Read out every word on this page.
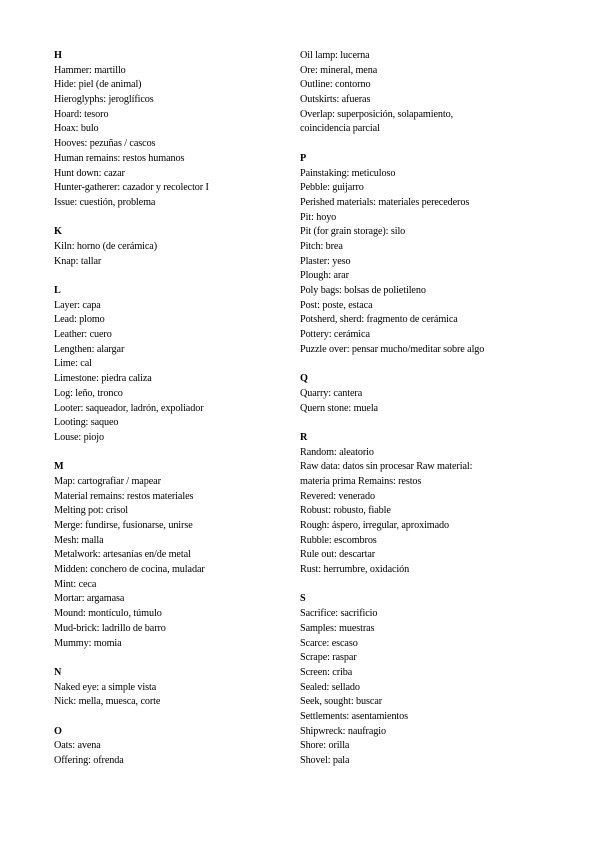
H
Hammer: martillo
Hide: piel (de animal)
Hieroglyphs: jeroglíficos
Hoard: tesoro
Hoax: bulo
Hooves: pezuñas / cascos
Human remains: restos humanos
Hunt down: cazar
Hunter-gatherer: cazador y recolector I
Issue: cuestión, problema
K
Kiln: horno (de cerámica)
Knap: tallar
L
Layer: capa
Lead: plomo
Leather: cuero
Lengthen: alargar
Lime: cal
Limestone: piedra caliza
Log: leño, tronco
Looter: saqueador, ladrón, expoliador
Looting: saqueo
Louse: piojo
M
Map: cartografiar / mapear
Material remains: restos materiales
Melting pot: crisol
Merge: fundirse, fusionarse, unirse
Mesh: malla
Metalwork: artesanías en/de metal
Midden: conchero de cocina, muladar
Mint: ceca
Mortar: argamasa
Mound: montículo, túmulo
Mud-brick: ladrillo de barro
Mummy: momia
N
Naked eye: a simple vista
Nick: mella, muesca, corte
O
Oats: avena
Offering: ofrenda
Oil lamp: lucerna
Ore: mineral, mena
Outline: contorno
Outskirts: afueras
Overlap: superposición, solapamiento,
coincidencia parcial
P
Painstaking: meticuloso
Pebble: guijarro
Perished materials: materiales perecederos
Pit: hoyo
Pit (for grain storage): silo
Pitch: brea
Plaster: yeso
Plough: arar
Poly bags: bolsas de polietileno
Post: poste, estaca
Potsherd, sherd: fragmento de cerámica
Pottery: cerámica
Puzzle over: pensar mucho/meditar sobre algo
Q
Quarry: cantera
Quern stone: muela
R
Random: aleatorio
Raw data: datos sin procesar Raw material:
materia prima Remains: restos
Revered: venerado
Robust: robusto, fiable
Rough: áspero, irregular, aproximado
Rubble: escombros
Rule out: descartar
Rust: herrumbre, oxidación
S
Sacrifice: sacrificio
Samples: muestras
Scarce: escaso
Scrape: raspar
Screen: criba
Sealed: sellado
Seek, sought: buscar
Settlements: asentamientos
Shipwreck: naufragio
Shore: orilla
Shovel: pala
